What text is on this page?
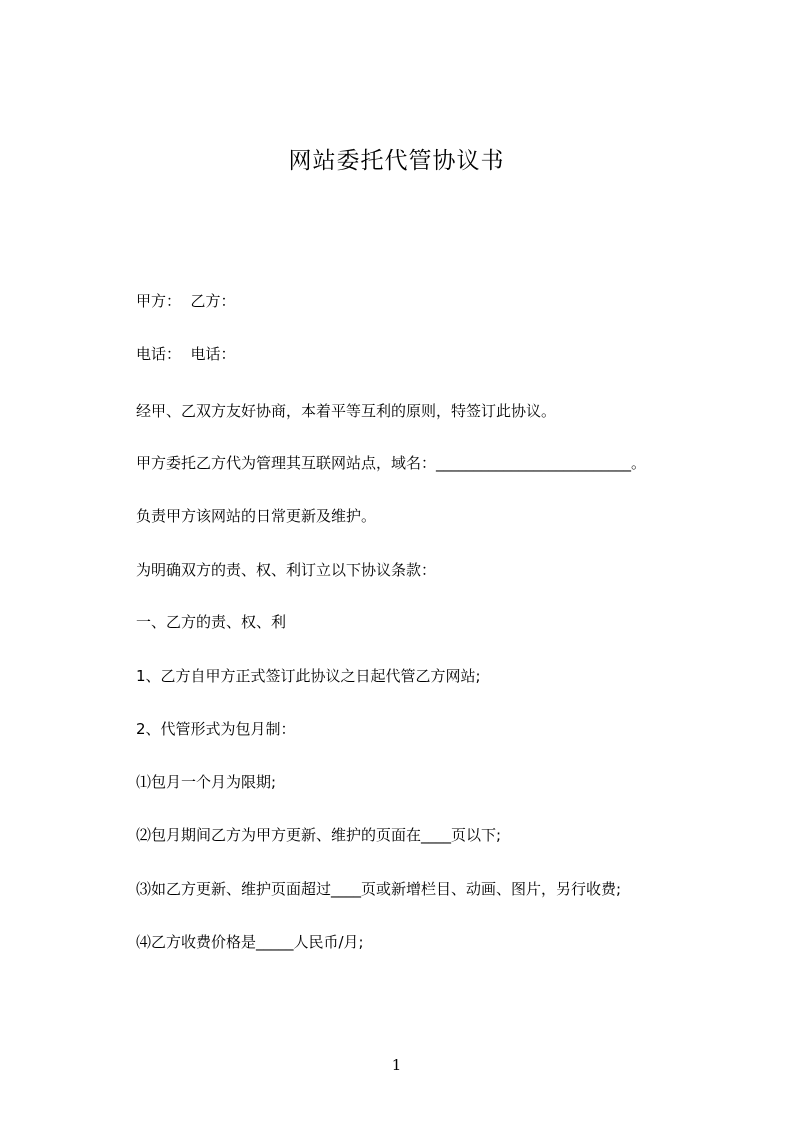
网站委托代管协议书
甲方：  乙方：
电话：  电话：
经甲、乙双方友好协商，本着平等互利的原则，特签订此协议。
甲方委托乙方代为管理其互联网站点，域名：__________________________。
负责甲方该网站的日常更新及维护。
为明确双方的责、权、利订立以下协议条款：
一、乙方的责、权、利
1、乙方自甲方正式签订此协议之日起代管乙方网站;
2、代管形式为包月制：
⑴包月一个月为限期;
⑵包月期间乙方为甲方更新、维护的页面在____页以下;
⑶如乙方更新、维护页面超过____页或新增栏目、动画、图片，另行收费;
⑷乙方收费价格是_____人民币/月;
1
